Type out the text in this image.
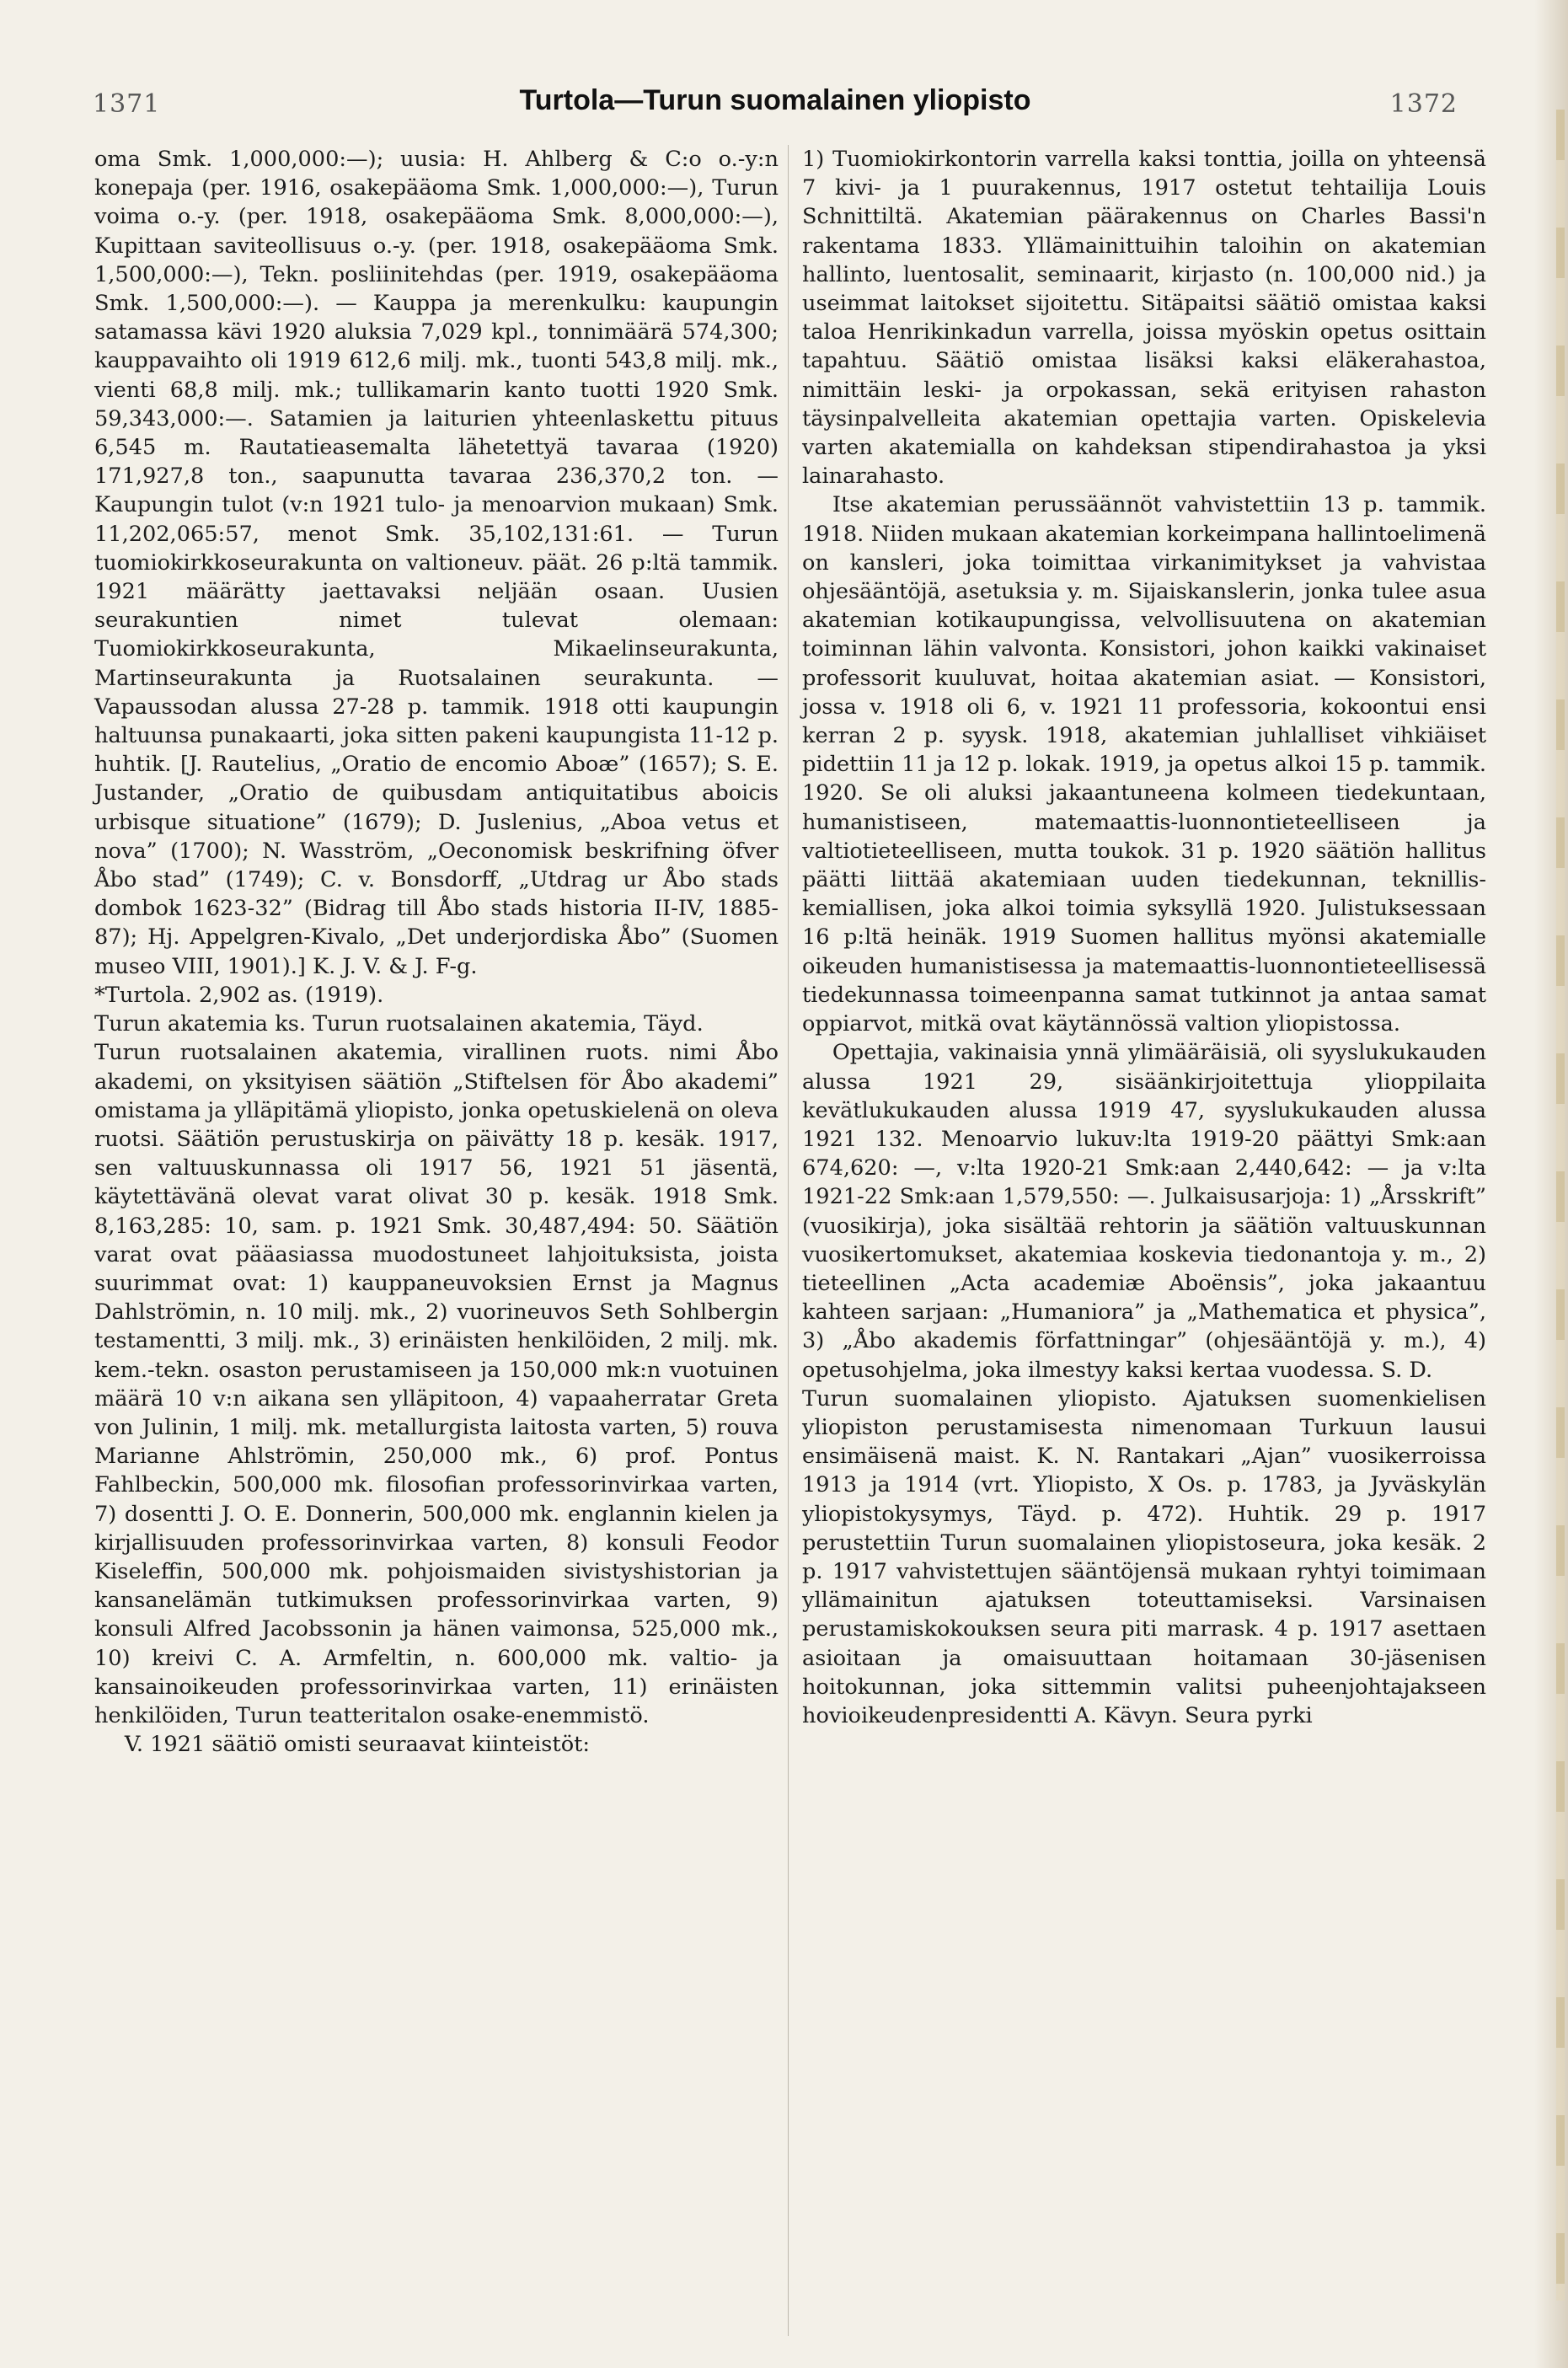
1371	Turtola—Turun suomalainen yliopisto	1372

oma Smk. 1,000,000:—); uusia: H. Ahlberg & C:o o.-y:n konepaja (per. 1916, osakepääoma Smk. 1,000,000:—), Turun voima o.-y. (per. 1918, osakepääoma Smk. 8,000,000:—), Kupittaan saviteollisuus o.-y. (per. 1918, osakepääoma Smk. 1,500,000:—), Tekn. posliinitehdas (per. 1919, osakepääoma Smk. 1,500,000:—). — Kauppa ja merenkulku: kaupungin satamassa kävi 1920 aluksia 7,029 kpl., tonnimäärä 574,300; kauppavaihto oli 1919 612,6 milj. mk., tuonti 543,8 milj. mk., vienti 68,8 milj. mk.; tullikamarin kanto tuotti 1920 Smk. 59,343,000:—. Satamien ja laiturien yhteenlaskettu pituus 6,545 m. Rautatieasemalta lähetettyä tavaraa (1920) 171,927,8 ton., saapunutta tavaraa 236,370,2 ton. — Kaupungin tulot (v:n 1921 tulo- ja menoarvion mukaan) Smk. 11,202,065:57, menot Smk. 35,102,131:61. — Turun tuomiokirkkoseurakunta on valtioneuv. päät. 26 p:ltä tammik. 1921 määrätty jaettavaksi neljään osaan. Uusien seurakuntien nimet tulevat olemaan: Tuomiokirkkoseurakunta, Mikaelinseurakunta, Martinseurakunta ja Ruotsalainen seurakunta. — Vapaussodan alussa 27-28 p. tammik. 1918 otti kaupungin haltuunsa punakaarti, joka sitten pakeni kaupungista 11-12 p. huhtik. [J. Rautelius, „Oratio de encomio Aboæ” (1657); S. E. Justander, „Oratio de quibusdam antiquitatibus aboicis urbisque situatione” (1679); D. Juslenius, „Aboa vetus et nova” (1700); N. Wasström, „Oeconomisk beskrifning öfver Åbo stad” (1749); C. v. Bonsdorff, „Utdrag ur Åbo stads dombok 1623-32” (Bidrag till Åbo stads historia II-IV, 1885-87); Hj. Appelgren-Kivalo, „Det underjordiska Åbo” (Suomen museo VIII, 1901).] K. J. V. & J. F-g.

*Turtola. 2,902 as. (1919).

Turun akatemia ks. Turun ruotsalainen akatemia, Täyd.

Turun ruotsalainen akatemia, virallinen ruots. nimi Åbo akademi, on yksityisen säätiön „Stiftelsen för Åbo akademi” omistama ja ylläpitämä yliopisto, jonka opetuskielenä on oleva ruotsi. Säätiön perustuskirja on päivätty 18 p. kesäk. 1917, sen valtuuskunnassa oli 1917 56, 1921 51 jäsentä, käytettävänä olevat varat olivat 30 p. kesäk. 1918 Smk. 8,163,285: 10, sam. p. 1921 Smk. 30,487,494: 50. Säätiön varat ovat pääasiassa muodostuneet lahjoituksista, joista suurimmat ovat: 1) kauppaneuvoksien Ernst ja Magnus Dahlströmin, n. 10 milj. mk., 2) vuorineuvos Seth Sohlbergin testamentti, 3 milj. mk., 3) erinäisten henkilöiden, 2 milj. mk. kem.-tekn. osaston perustamiseen ja 150,000 mk:n vuotuinen määrä 10 v:n aikana sen ylläpitoon, 4) vapaaherratar Greta von Julinin, 1 milj. mk. metallurgista laitosta varten, 5) rouva Marianne Ahlströmin, 250,000 mk., 6) prof. Pontus Fahlbeckin, 500,000 mk. filosofian professorinvirkaa varten, 7) dosentti J. O. E. Donnerin, 500,000 mk. englannin kielen ja kirjallisuuden professorinvirkaa varten, 8) konsuli Feodor Kiseleffin, 500,000 mk. pohjoismaiden sivistyshistorian ja kansanelämän tutkimuksen professorinvirkaa varten, 9) konsuli Alfred Jacobssonin ja hänen vaimonsa, 525,000 mk., 10) kreivi C. A. Armfeltin, n. 600,000 mk. valtio- ja kansainoikeuden professorinvirkaa varten, 11) erinäisten henkilöiden, Turun teatteritalon osake-enemmistö.

V. 1921 säätiö omisti seuraavat kiinteistöt:

1) Tuomiokirkontorin varrella kaksi tonttia, joilla on yhteensä 7 kivi- ja 1 puurakennus, 1917 ostetut tehtailija Louis Schnittiltä. Akatemian päärakennus on Charles Bassi'n rakentama 1833. Yllämainittuihin taloihin on akatemian hallinto, luentosalit, seminaarit, kirjasto (n. 100,000 nid.) ja useimmat laitokset sijoitettu. Sitäpaitsi säätiö omistaa kaksi taloa Henrikinkadun varrella, joissa myöskin opetus osittain tapahtuu. Säätiö omistaa lisäksi kaksi eläkerahastoa, nimittäin leski- ja orpokassan, sekä erityisen rahaston täysinpalvelleita akatemian opettajia varten. Opiskelevia varten akatemialla on kahdeksan stipendirahastoa ja yksi lainarahasto.

Itse akatemian perussäännöt vahvistettiin 13 p. tammik. 1918. Niiden mukaan akatemian korkeimpana hallintoelimenä on kansleri, joka toimittaa virkanimitykset ja vahvistaa ohjesääntöjä, asetuksia y. m. Sijaiskanslerin, jonka tulee asua akatemian kotikaupungissa, velvollisuutena on akatemian toiminnan lähin valvonta. Konsistori, johon kaikki vakinaiset professorit kuuluvat, hoitaa akatemian asiat. — Konsistori, jossa v. 1918 oli 6, v. 1921 11 professoria, kokoontui ensi kerran 2 p. syysk. 1918, akatemian juhlalliset vihkiäiset pidettiin 11 ja 12 p. lokak. 1919, ja opetus alkoi 15 p. tammik. 1920. Se oli aluksi jakaantuneena kolmeen tiedekuntaan, humanistiseen, matemaattis-luonnontieteelliseen ja valtiotieteelliseen, mutta toukok. 31 p. 1920 säätiön hallitus päätti liittää akatemiaan uuden tiedekunnan, teknillis-kemiallisen, joka alkoi toimia syksyllä 1920. Julistuksessaan 16 p:ltä heinäk. 1919 Suomen hallitus myönsi akatemialle oikeuden humanistisessa ja matemaattis-luonnontieteellisessä tiedekunnassa toimeenpanna samat tutkinnot ja antaa samat oppiarvot, mitkä ovat käytännössä valtion yliopistossa.

Opettajia, vakinaisia ynnä ylimääräisiä, oli syyslukukauden alussa 1921 29, sisäänkirjoitettuja ylioppilaita kevätlukukauden alussa 1919 47, syyslukukauden alussa 1921 132. Menoarvio lukuv:lta 1919-20 päättyi Smk:aan 674,620: —, v:lta 1920-21 Smk:aan 2,440,642: — ja v:lta 1921-22 Smk:aan 1,579,550: —. Julkaisusarjoja: 1) „Årsskrift” (vuosikirja), joka sisältää rehtorin ja säätiön valtuuskunnan vuosikertomukset, akatemiaa koskevia tiedonantoja y. m., 2) tieteellinen „Acta academiæ Aboënsis”, joka jakaantuu kahteen sarjaan: „Humaniora” ja „Mathematica et physica”, 3) „Åbo akademis författningar” (ohjesääntöjä y. m.), 4) opetusohjelma, joka ilmestyy kaksi kertaa vuodessa. S. D.

Turun suomalainen yliopisto. Ajatuksen suomenkielisen yliopiston perustamisesta nimenomaan Turkuun lausui ensimäisenä maist. K. N. Rantakari „Ajan” vuosikerroissa 1913 ja 1914 (vrt. Yliopisto, X Os. p. 1783, ja Jyväskylän yliopistokysymys, Täyd. p. 472). Huhtik. 29 p. 1917 perustettiin Turun suomalainen yliopistoseura, joka kesäk. 2 p. 1917 vahvistettujen sääntöjensä mukaan ryhtyi toimimaan yllämainitun ajatuksen toteuttamiseksi. Varsinaisen perustamiskokouksen seura piti marrask. 4 p. 1917 asettaen asioitaan ja omaisuuttaan hoitamaan 30-jäsenisen hoitokunnan, joka sittemmin valitsi puheenjohtajakseen hovioikeudenpresidentti A. Kävyn. Seura pyrki
